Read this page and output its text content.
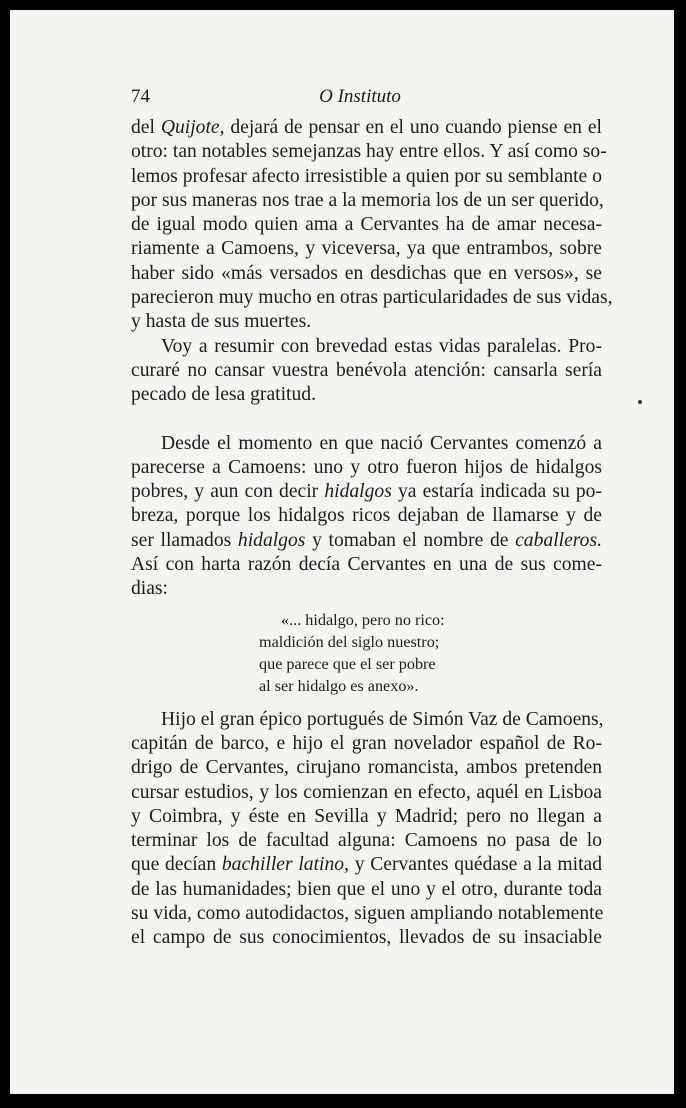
74	O Instituto
del Quijote, dejará de pensar en el uno cuando piense en el
otro: tan notables semejanzas hay entre ellos. Y así como so-
lemos profesar afecto irresistible a quien por su semblante o
por sus maneras nos trae a la memoria los de un ser querido,
de igual modo quien ama a Cervantes ha de amar necesa-
riamente a Camoens, y viceversa, ya que entrambos, sobre
haber sido «más versados en desdichas que en versos», se
parecieron muy mucho en otras particularidades de sus vidas,
y hasta de sus muertes.
Voy a resumir con brevedad estas vidas paralelas. Pro-
curaré no cansar vuestra benévola atención: cansarla sería
pecado de lesa gratitud.
Desde el momento en que nació Cervantes comenzó a
parecerse a Camoens: uno y otro fueron hijos de hidalgos
pobres, y aun con decir hidalgos ya estaría indicada su po-
breza, porque los hidalgos ricos dejaban de llamarse y de
ser llamados hidalgos y tomaban el nombre de caballeros.
Así con harta razón decía Cervantes en una de sus come-
dias:
«... hidalgo, pero no rico:
maldición del siglo nuestro;
que parece que el ser pobre
al ser hidalgo es anexo».
Hijo el gran épico portugués de Simón Vaz de Camoens,
capitán de barco, e hijo el gran novelador español de Ro-
drigo de Cervantes, cirujano romancista, ambos pretenden
cursar estudios, y los comienzan en efecto, aquél en Lisboa
y Coimbra, y éste en Sevilla y Madrid; pero no llegan a
terminar los de facultad alguna: Camoens no pasa de lo
que decían bachiller latino, y Cervantes quédase a la mitad
de las humanidades; bien que el uno y el otro, durante toda
su vida, como autodidactos, siguen ampliando notablemente
el campo de sus conocimientos, llevados de su insaciable
